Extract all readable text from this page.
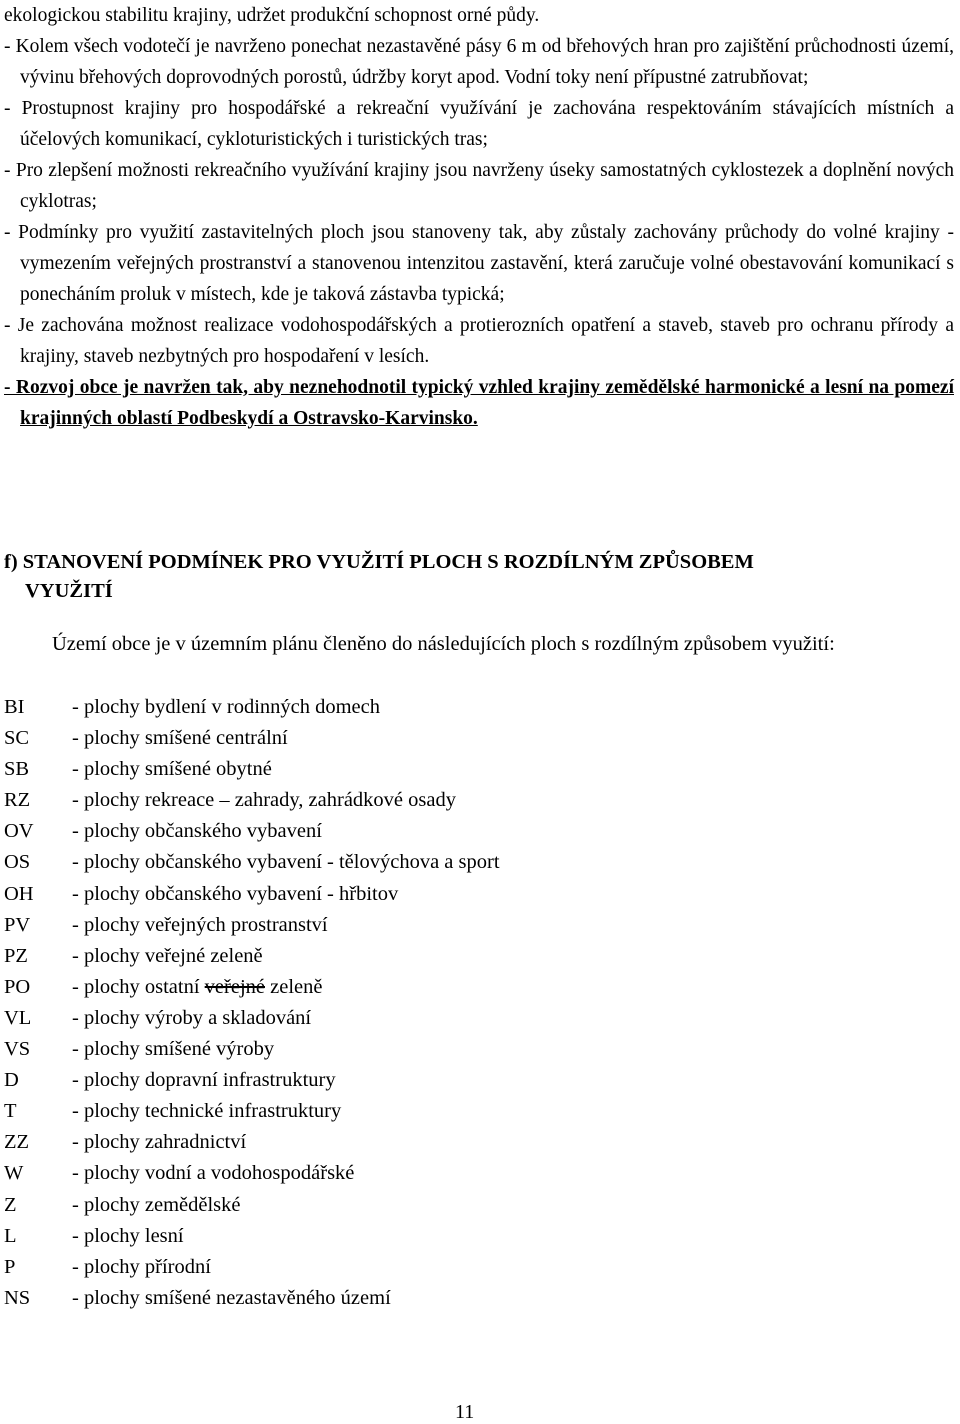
ekologickou stabilitu krajiny, udržet produkční schopnost orné půdy.

- Kolem všech vodotečí je navrženo ponechat nezastavěné pásy 6 m od břehových hran pro zajištění průchodnosti území, vývinu břehových doprovodných porostů, údržby koryt apod. Vodní toky není přípustné zatrubňovat;

- Prostupnost krajiny pro hospodářské a rekreační využívání je zachována respektováním stávajících místních a účelových komunikací, cykloturistických i turistických tras;

- Pro zlepšení možnosti rekreačního využívání krajiny jsou navrženy úseky samostatných cyklostezek a doplnění nových cyklotras;

- Podmínky pro využití zastavitelných ploch jsou stanoveny tak, aby zůstaly zachovány průchody do volné krajiny - vymezením veřejných prostranství a stanovenou intenzitou zastavění, která zaručuje volné obestavování komunikací s ponecháním proluk v místech, kde je taková zástavba typická;

- Je zachována možnost realizace vodohospodářských a protierozních opatření a staveb, staveb pro ochranu přírody a krajiny, staveb nezbytných pro hospodaření v lesích.

- Rozvoj obce je navržen tak, aby neznehodnotil typický vzhled krajiny zemědělské harmonické a lesní na pomezí krajinných oblastí Podbeskydí a Ostravsko-Karvinsko.

f) STANOVENÍ PODMÍNEK PRO VYUŽITÍ PLOCH S ROZDÍLNÝM ZPŮSOBEM
VYUŽITÍ

Území obce je v územním plánu členěno do následujících ploch s rozdílným způsobem využití:

BI	- plochy bydlení v rodinných domech
SC	- plochy smíšené centrální
SB	- plochy smíšené obytné
RZ	- plochy rekreace – zahrady, zahrádkové osady
OV	- plochy občanského vybavení
OS	- plochy občanského vybavení - tělovýchova a sport
OH	- plochy občanského vybavení - hřbitov
PV	- plochy veřejných prostranství
PZ	- plochy veřejné zeleně
PO	- plochy ostatní veřejné zeleně
VL	- plochy výroby a skladování
VS	- plochy smíšené výroby
D	- plochy dopravní infrastruktury
T	- plochy technické infrastruktury
ZZ	- plochy zahradnictví
W	- plochy vodní a vodohospodářské
Z	- plochy zemědělské
L	- plochy lesní
P	- plochy přírodní
NS	- plochy smíšené nezastavěného území
11
